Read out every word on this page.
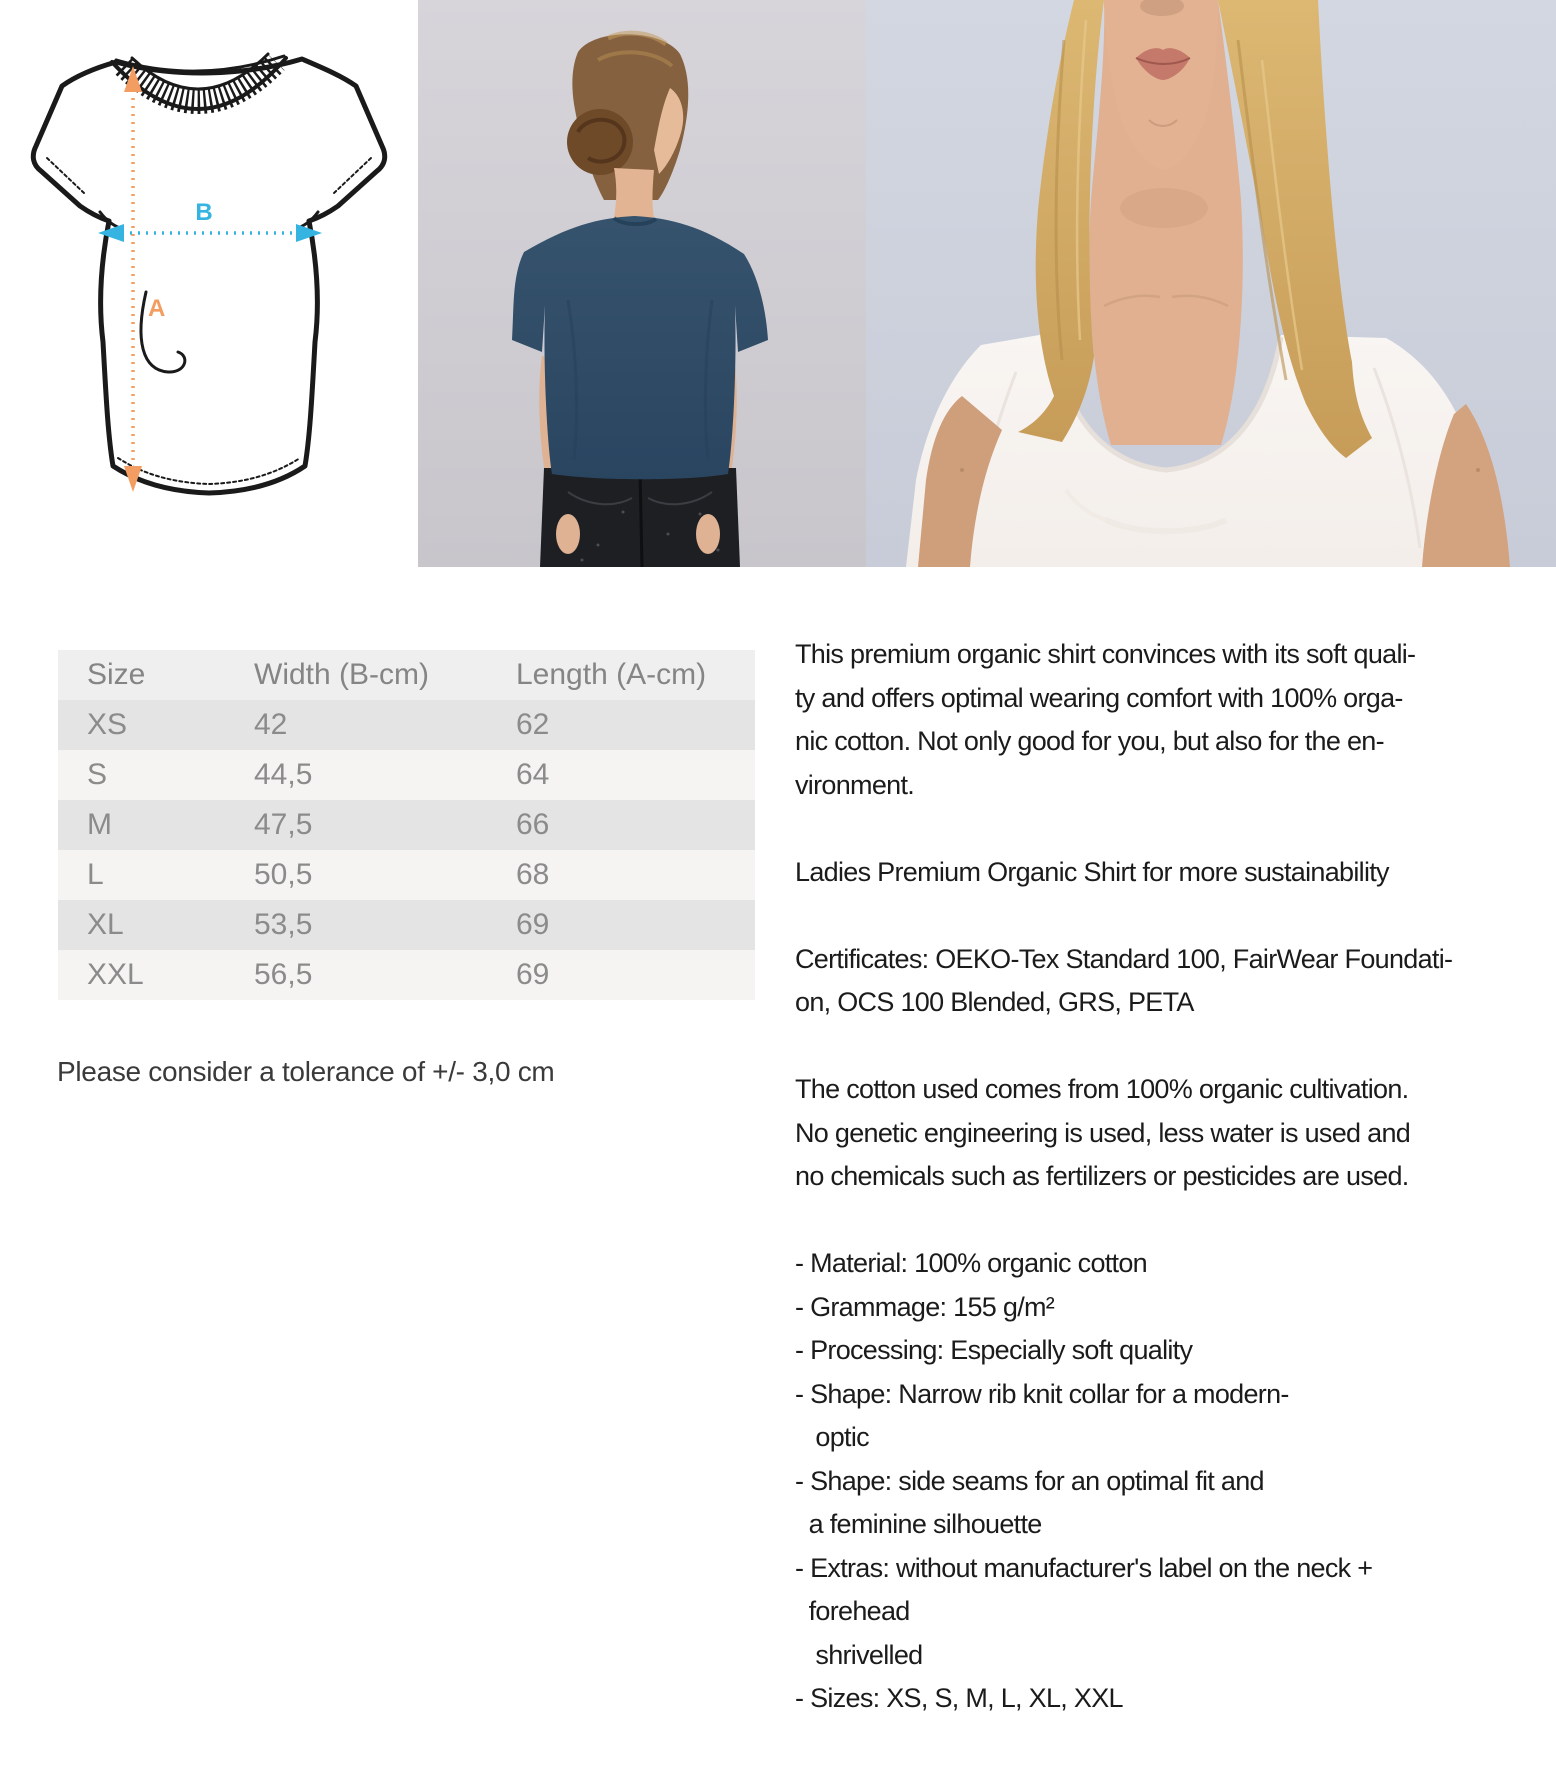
A
B
Size	Width (B-cm)	Length (A-cm)
XS	42	62
S	44,5	64
M	47,5	66
L	50,5	68
XL	53,5	69
XXL	56,5	69
Please consider a tolerance of +/- 3,0 cm
This premium organic shirt convinces with its soft quali-
ty and offers optimal wearing comfort with 100% orga-
nic cotton. Not only good for you, but also for the en-
vironment.
Ladies Premium Organic Shirt for more sustainability
Certificates: OEKO-Tex Standard 100, FairWear Foundati-
on, OCS 100 Blended, GRS, PETA
The cotton used comes from 100% organic cultivation.
No genetic engineering is used, less water is used and
no chemicals such as fertilizers or pesticides are used.
- Material: 100% organic cotton
- Grammage: 155 g/m²
- Processing: Especially soft quality
- Shape: Narrow rib knit collar for a modern-
optic
- Shape: side seams for an optimal fit and
a feminine silhouette
- Extras: without manufacturer's label on the neck +
forehead
shrivelled
- Sizes: XS, S, M, L, XL, XXL
